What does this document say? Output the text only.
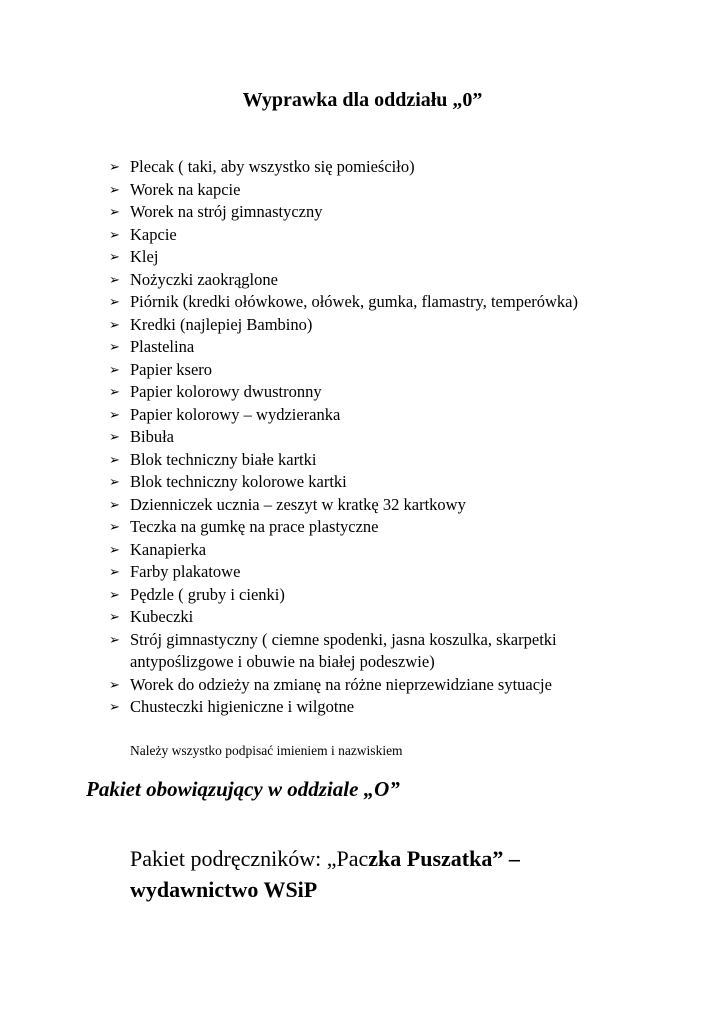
Wyprawka dla oddziału „0”
➢ Plecak ( taki, aby wszystko się pomieściło)
➢ Worek na kapcie
➢ Worek na strój gimnastyczny
➢ Kapcie
➢ Klej
➢ Nożyczki zaokrąglone
➢ Piórnik (kredki ołówkowe, ołówek, gumka, flamastry, temperówka)
➢ Kredki (najlepiej Bambino)
➢ Plastelina
➢ Papier ksero
➢ Papier kolorowy dwustronny
➢ Papier kolorowy – wydzieranka
➢ Bibuła
➢ Blok techniczny białe kartki
➢ Blok techniczny kolorowe kartki
➢ Dzienniczek ucznia – zeszyt w kratkę 32 kartkowy
➢ Teczka na gumkę na prace plastyczne
➢ Kanapierka
➢ Farby plakatowe
➢ Pędzle ( gruby i cienki)
➢ Kubeczki
➢ Strój gimnastyczny ( ciemne spodenki, jasna koszulka, skarpetki antypoślizgowe i obuwie na białej podeszwie)
➢ Worek do odzieży na zmianę na różne nieprzewidziane sytuacje
➢ Chusteczki higieniczne i wilgotne
Należy wszystko podpisać imieniem i nazwiskiem
Pakiet obowiązujący w oddziale „O”
Pakiet podręczników: „Paczka Puszatka” – wydawnictwo WSiP
